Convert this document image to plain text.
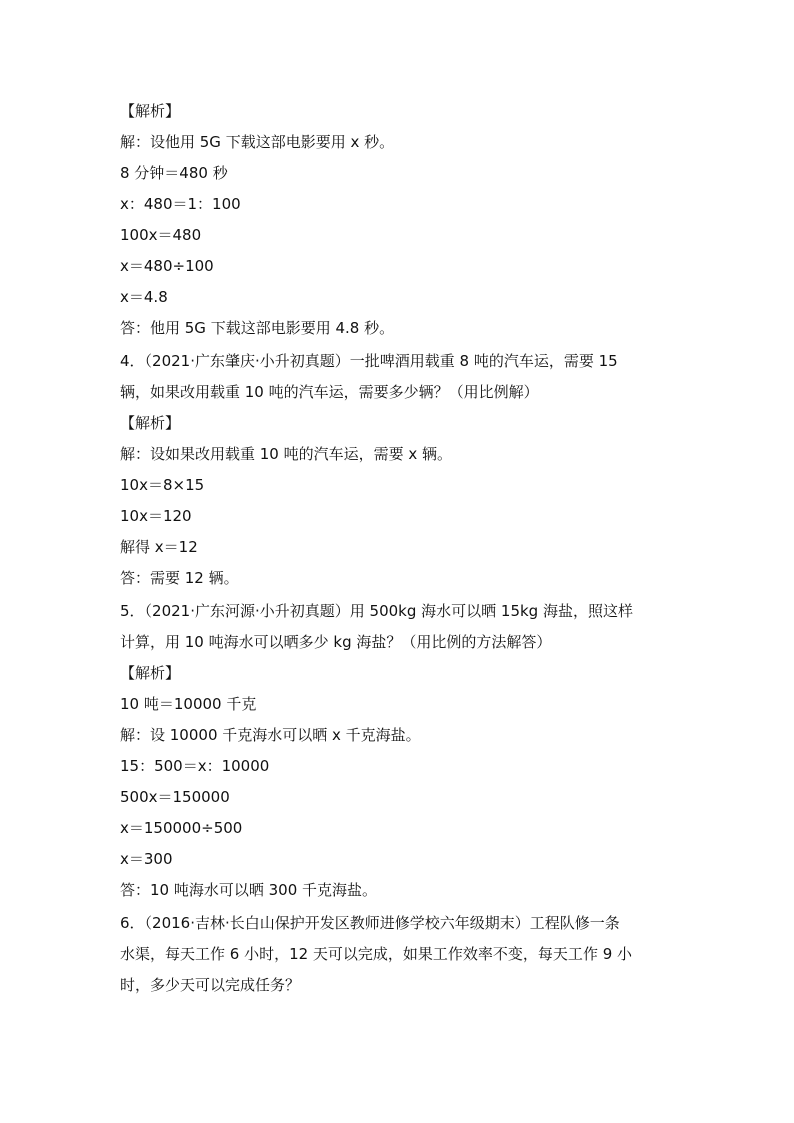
【解析】
解：设他用 5G 下载这部电影要用 x 秒。
8 分钟＝480 秒
x：480＝1：100
100x＝480
x＝480÷100
x＝4.8
答：他用 5G 下载这部电影要用 4.8 秒。
4．（2021·广东肇庆·小升初真题）一批啤酒用载重 8 吨的汽车运，需要 15
辆，如果改用载重 10 吨的汽车运，需要多少辆？（用比例解）
【解析】
解：设如果改用载重 10 吨的汽车运，需要 x 辆。
10x＝8×15
10x＝120
解得 x＝12
答：需要 12 辆。
5．（2021·广东河源·小升初真题）用 500kg 海水可以晒 15kg 海盐，照这样
计算，用 10 吨海水可以晒多少 kg 海盐？（用比例的方法解答）
【解析】
10 吨＝10000 千克
解：设 10000 千克海水可以晒 x 千克海盐。
15：500＝x：10000
500x＝150000
x＝150000÷500
x＝300
答：10 吨海水可以晒 300 千克海盐。
6．（2016·吉林·长白山保护开发区教师进修学校六年级期末）工程队修一条
水渠，每天工作 6 小时，12 天可以完成，如果工作效率不变，每天工作 9 小
时，多少天可以完成任务？
